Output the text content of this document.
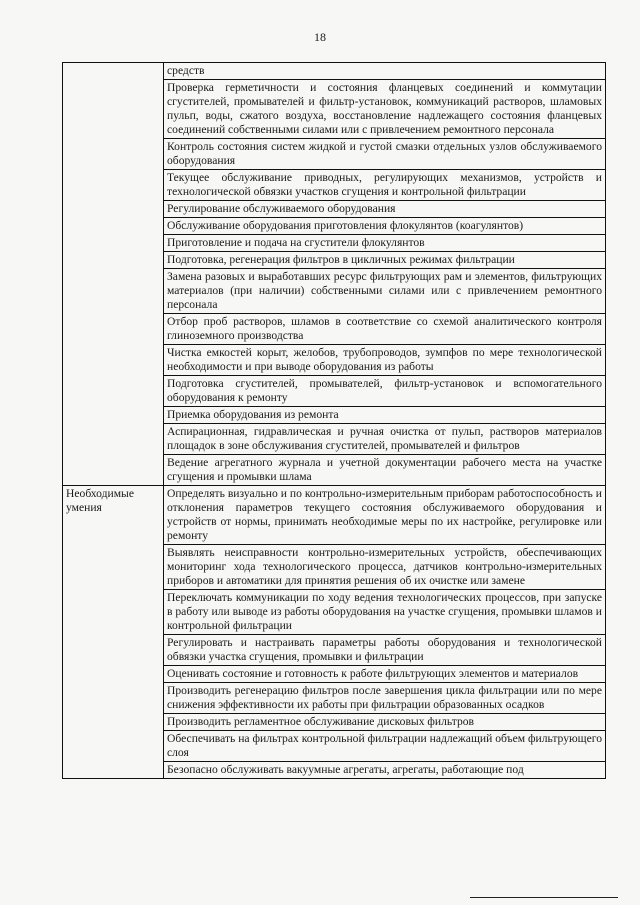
18
	средств
	Проверка герметичности и состояния фланцевых соединений и коммутации сгустителей, промывателей и фильтр-установок, коммуникаций растворов, шламовых пульп, воды, сжатого воздуха, восстановление надлежащего состояния фланцевых соединений собственными силами или с привлечением ремонтного персонала
	Контроль состояния систем жидкой и густой смазки отдельных узлов обслуживаемого оборудования
	Текущее обслуживание приводных, регулирующих механизмов, устройств и технологической обвязки участков сгущения и контрольной фильтрации
	Регулирование обслуживаемого оборудования
	Обслуживание оборудования приготовления флокулянтов (коагулянтов)
	Приготовление и подача на сгустители флокулянтов
	Подготовка, регенерация фильтров в цикличных режимах фильтрации
	Замена разовых и выработавших ресурс фильтрующих рам и элементов, фильтрующих материалов (при наличии) собственными силами или с привлечением ремонтного персонала
	Отбор проб растворов, шламов в соответствие со схемой аналитического контроля глиноземного производства
	Чистка емкостей корыт, желобов, трубопроводов, зумпфов по мере технологической необходимости и при выводе оборудования из работы
	Подготовка сгустителей, промывателей, фильтр-установок и вспомогательного оборудования к ремонту
	Приемка оборудования из ремонта
	Аспирационная, гидравлическая и ручная очистка от пульп, растворов материалов площадок в зоне обслуживания сгустителей, промывателей и фильтров
	Ведение агрегатного журнала и учетной документации рабочего места на участке сгущения и промывки шлама
Необходимые умения	Определять визуально и по контрольно-измерительным приборам работоспособность и отклонения параметров текущего состояния обслуживаемого оборудования и устройств от нормы, принимать необходимые меры по их настройке, регулировке или ремонту
	Выявлять неисправности контрольно-измерительных устройств, обеспечивающих мониторинг хода технологического процесса, датчиков контрольно-измерительных приборов и автоматики для принятия решения об их очистке или замене
	Переключать коммуникации по ходу ведения технологических процессов, при запуске в работу или выводе из работы оборудования на участке сгущения, промывки шламов и контрольной фильтрации
	Регулировать и настраивать параметры работы оборудования и технологической обвязки участка сгущения, промывки и фильтрации
	Оценивать состояние и готовность к работе фильтрующих элементов и материалов
	Производить регенерацию фильтров после завершения цикла фильтрации или по мере снижения эффективности их работы при фильтрации образованных осадков
	Производить регламентное обслуживание дисковых фильтров
	Обеспечивать на фильтрах контрольной фильтрации надлежащий объем фильтрующего слоя
	Безопасно обслуживать вакуумные агрегаты, агрегаты, работающие под
